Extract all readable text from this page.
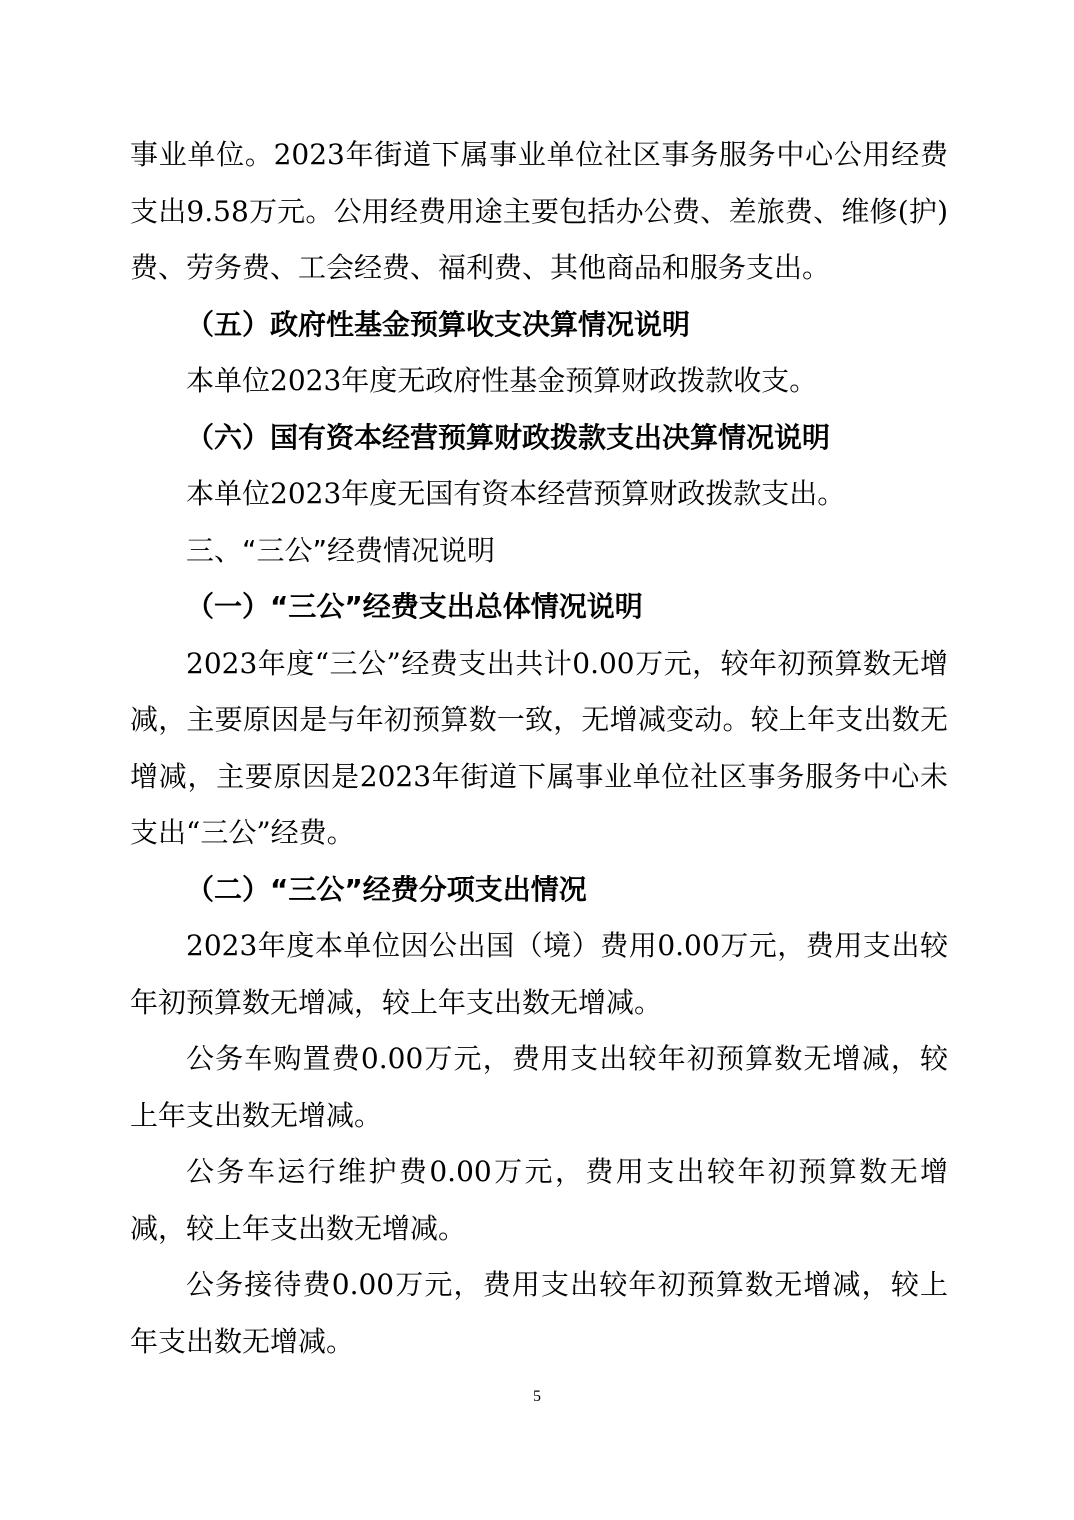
事业单位。2023年街道下属事业单位社区事务服务中心公用经费支出9.58万元。公用经费用途主要包括办公费、差旅费、维修(护)费、劳务费、工会经费、福利费、其他商品和服务支出。

（五）政府性基金预算收支决算情况说明

本单位2023年度无政府性基金预算财政拨款收支。

（六）国有资本经营预算财政拨款支出决算情况说明

本单位2023年度无国有资本经营预算财政拨款支出。

三、“三公”经费情况说明

（一）“三公”经费支出总体情况说明

2023年度“三公”经费支出共计0.00万元，较年初预算数无增减，主要原因是与年初预算数一致，无增减变动。较上年支出数无增减，主要原因是2023年街道下属事业单位社区事务服务中心未支出“三公”经费。

（二）“三公”经费分项支出情况

2023年度本单位因公出国（境）费用0.00万元，费用支出较年初预算数无增减，较上年支出数无增减。

公务车购置费0.00万元，费用支出较年初预算数无增减，较上年支出数无增减。

公务车运行维护费0.00万元，费用支出较年初预算数无增减，较上年支出数无增减。

公务接待费0.00万元，费用支出较年初预算数无增减，较上年支出数无增减。

5
